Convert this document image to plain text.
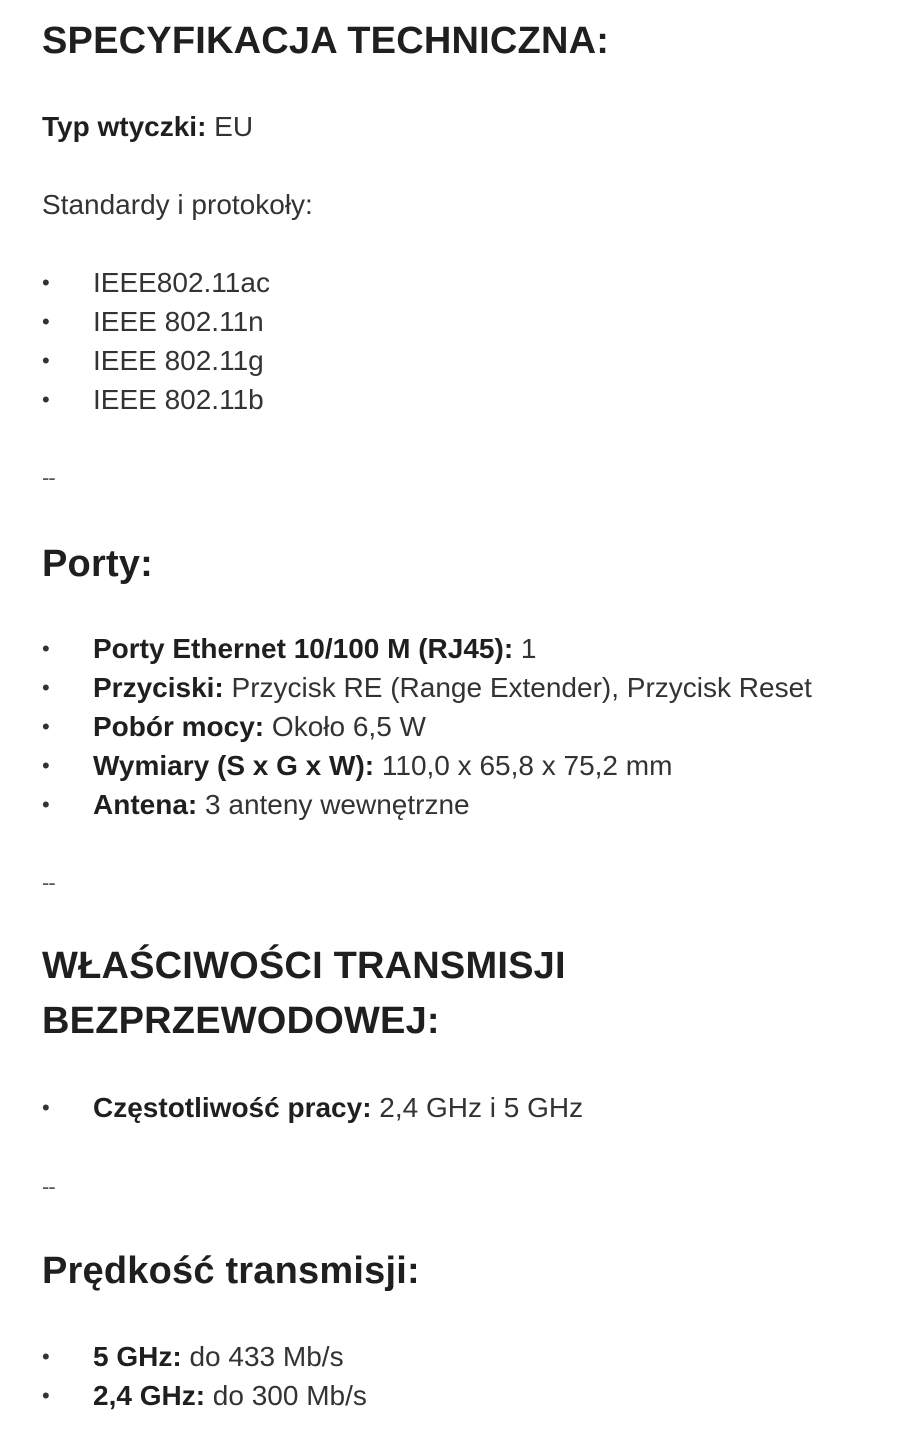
SPECYFIKACJA TECHNICZNA:
Typ wtyczki: EU
Standardy i protokoły:
• IEEE802.11ac
• IEEE 802.11n
• IEEE 802.11g
• IEEE 802.11b
--
Porty:
• Porty Ethernet 10/100 M (RJ45): 1
• Przyciski: Przycisk RE (Range Extender), Przycisk Reset
• Pobór mocy: Około 6,5 W
• Wymiary (S x G x W): 110,0 x 65,8 x 75,2 mm
• Antena: 3 anteny wewnętrzne
--
WŁAŚCIWOŚCI TRANSMISJI
BEZPRZEWODOWEJ:
• Częstotliwość pracy: 2,4 GHz i 5 GHz
--
Prędkość transmisji:
• 5 GHz: do 433 Mb/s
• 2,4 GHz: do 300 Mb/s
